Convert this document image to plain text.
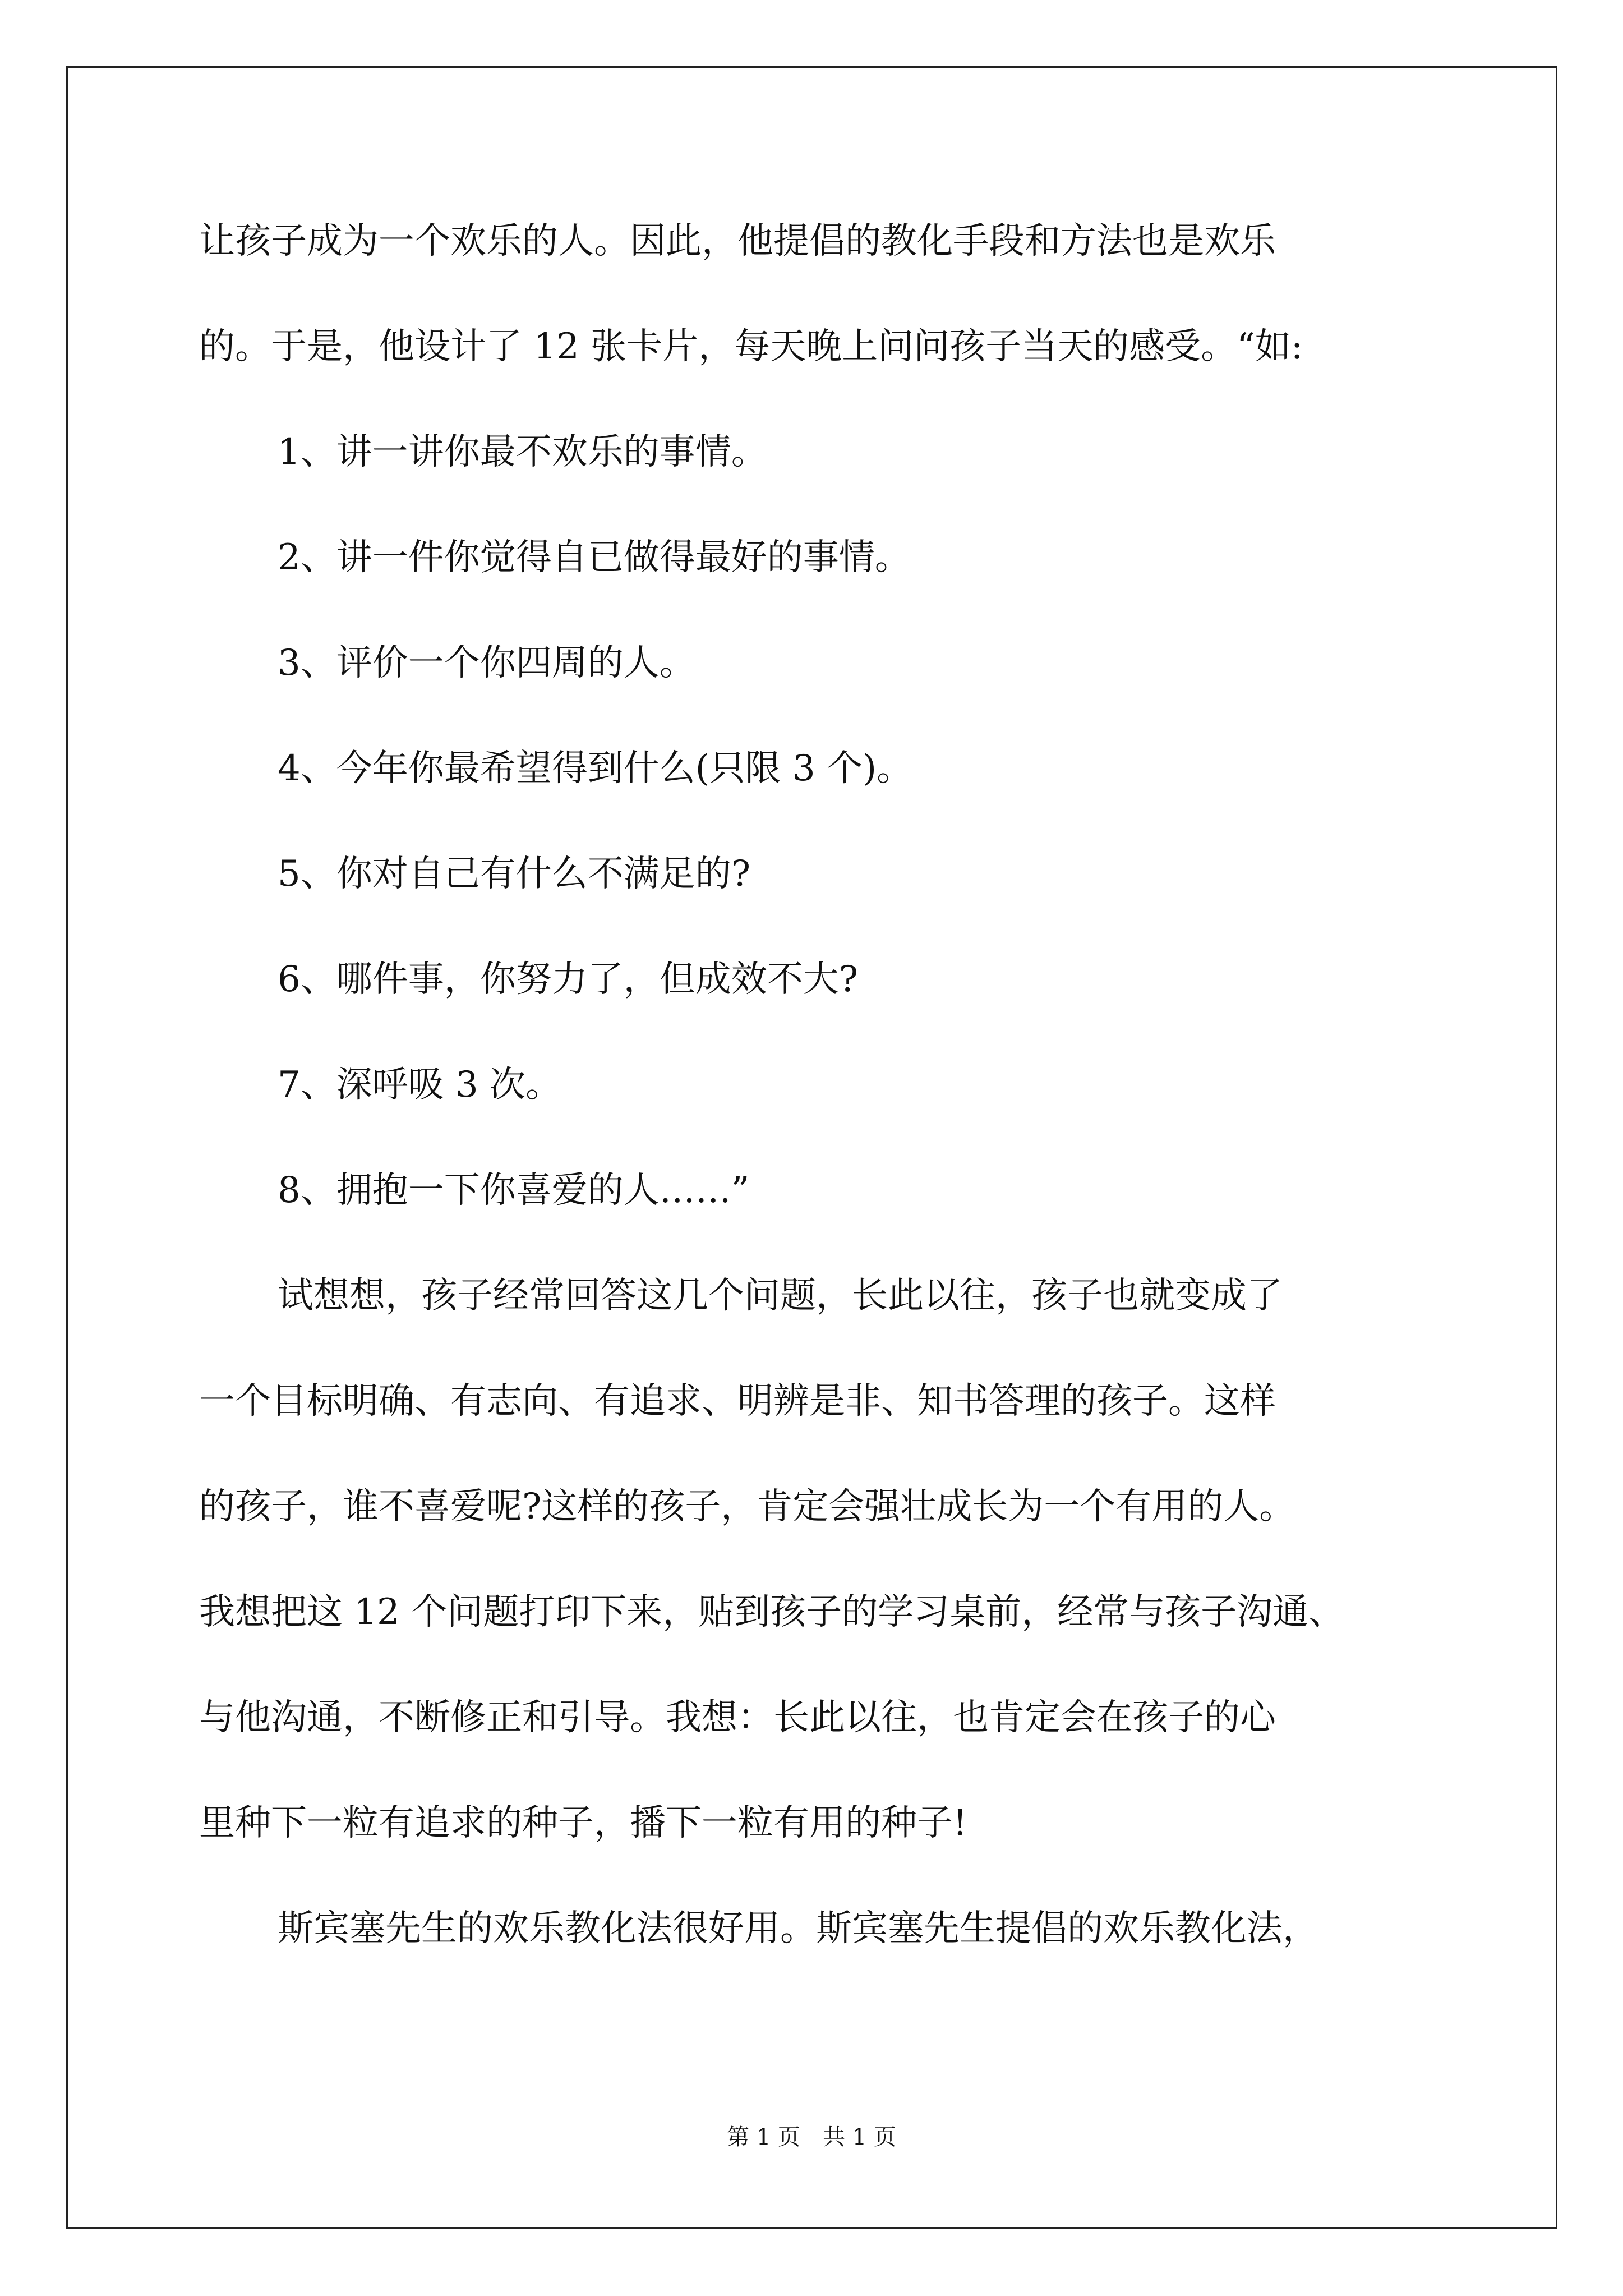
让孩子成为一个欢乐的人。因此，他提倡的教化手段和方法也是欢乐
的。于是，他设计了 12 张卡片，每天晚上问问孩子当天的感受。“如:
1、讲一讲你最不欢乐的事情。
2、讲一件你觉得自已做得最好的事情。
3、评价一个你四周的人。
4、今年你最希望得到什么(只限 3 个)。
5、你对自己有什么不满足的?
6、哪件事，你努力了，但成效不大?
7、深呼吸 3 次。
8、拥抱一下你喜爱的人……”
试想想，孩子经常回答这几个问题，长此以往，孩子也就变成了
一个目标明确、有志向、有追求、明辨是非、知书答理的孩子。这样
的孩子，谁不喜爱呢?这样的孩子，肯定会强壮成长为一个有用的人。
我想把这 12 个问题打印下来，贴到孩子的学习桌前，经常与孩子沟通、
与他沟通，不断修正和引导。我想：长此以往，也肯定会在孩子的心
里种下一粒有追求的种子，播下一粒有用的种子!
斯宾塞先生的欢乐教化法很好用。斯宾塞先生提倡的欢乐教化法，
第 1 页　共 1 页
